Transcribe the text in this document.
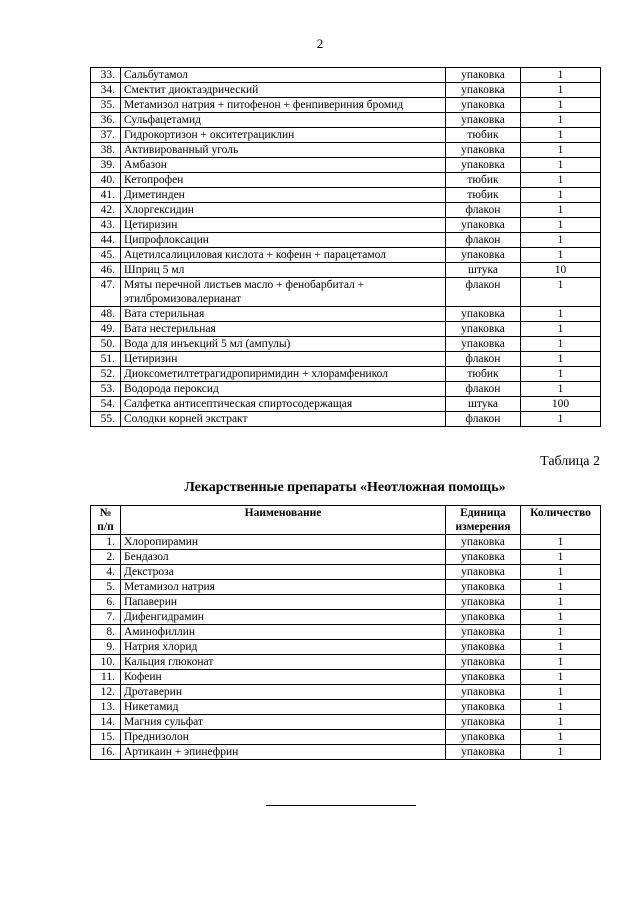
2
33.	Сальбутамол	упаковка	1
34.	Смектит диоктаэдрический	упаковка	1
35.	Метамизол натрия + питофенон + фенпивериния бромид	упаковка	1
36.	Сульфацетамид	упаковка	1
37.	Гидрокортизон + окситетрациклин	тюбик	1
38.	Активированный уголь	упаковка	1
39.	Амбазон	упаковка	1
40.	Кетопрофен	тюбик	1
41.	Диметинден	тюбик	1
42.	Хлоргексидин	флакон	1
43.	Цетиризин	упаковка	1
44.	Ципрофлоксацин	флакон	1
45.	Ацетилсалициловая кислота + кофеин + парацетамол	упаковка	1
46.	Шприц 5 мл	штука	10
47.	Мяты перечной листьев масло + фенобарбитал + этилбромизовалерианат	флакон	1
48.	Вата стерильная	упаковка	1
49.	Вата нестерильная	упаковка	1
50.	Вода для инъекций 5 мл (ампулы)	упаковка	1
51.	Цетиризин	флакон	1
52.	Диоксометилтетрагидропиримидин + хлорамфеникол	тюбик	1
53.	Водорода пероксид	флакон	1
54.	Салфетка антисептическая спиртосодержащая	штука	100
55.	Солодки корней экстракт	флакон	1
Таблица 2
Лекарственные препараты «Неотложная помощь»
№ п/п	Наименование	Единица измерения	Количество
1.	Хлоропирамин	упаковка	1
2.	Бендазол	упаковка	1
4.	Декстроза	упаковка	1
5.	Метамизол натрия	упаковка	1
6.	Папаверин	упаковка	1
7.	Дифенгидрамин	упаковка	1
8.	Аминофиллин	упаковка	1
9.	Натрия хлорид	упаковка	1
10.	Кальция глюконат	упаковка	1
11.	Кофеин	упаковка	1
12.	Дротаверин	упаковка	1
13.	Никетамид	упаковка	1
14.	Магния сульфат	упаковка	1
15.	Преднизолон	упаковка	1
16.	Артикаин + эпинефрин	упаковка	1
